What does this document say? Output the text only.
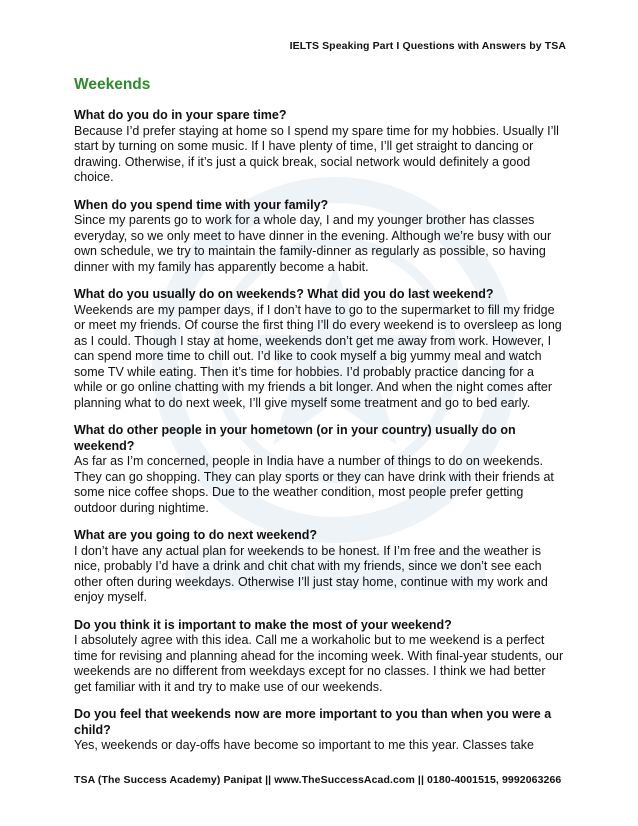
IELTS Speaking Part I Questions with Answers by TSA
Weekends

What do you do in your spare time?

Because I’d prefer staying at home so I spend my spare time for my hobbies. Usually I’ll start by turning on some music. If I have plenty of time, I’ll get straight to dancing or drawing. Otherwise, if it’s just a quick break, social network would definitely a good choice.

When do you spend time with your family?

Since my parents go to work for a whole day, I and my younger brother has classes everyday, so we only meet to have dinner in the evening. Although we’re busy with our own schedule, we try to maintain the family-dinner as regularly as possible, so having dinner with my family has apparently become a habit.

What do you usually do on weekends? What did you do last weekend?

Weekends are my pamper days, if I don’t have to go to the supermarket to fill my fridge or meet my friends. Of course the first thing I’ll do every weekend is to oversleep as long as I could. Though I stay at home, weekends don’t get me away from work. However, I can spend more time to chill out. I’d like to cook myself a big yummy meal and watch some TV while eating. Then it’s time for hobbies. I’d probably practice dancing for a while or go online chatting with my friends a bit longer. And when the night comes after planning what to do next week, I’ll give myself some treatment and go to bed early.

What do other people in your hometown (or in your country) usually do on weekend?

As far as I’m concerned, people in India have a number of things to do on weekends. They can go shopping. They can play sports or they can have drink with their friends at some nice coffee shops. Due to the weather condition, most people prefer getting outdoor during nightime.

What are you going to do next weekend?

I don’t have any actual plan for weekends to be honest. If I’m free and the weather is nice, probably I’d have a drink and chit chat with my friends, since we don’t see each other often during weekdays. Otherwise I’ll just stay home, continue with my work and enjoy myself.

Do you think it is important to make the most of your weekend?

I absolutely agree with this idea. Call me a workaholic but to me weekend is a perfect time for revising and planning ahead for the incoming week. With final-year students, our weekends are no different from weekdays except for no classes. I think we had better get familiar with it and try to make use of our weekends.

Do you feel that weekends now are more important to you than when you were a child?

Yes, weekends or day-offs have become so important to me this year. Classes take

TSA (The Success Academy) Panipat || www.TheSuccessAcad.com || 0180-4001515, 9992063266
